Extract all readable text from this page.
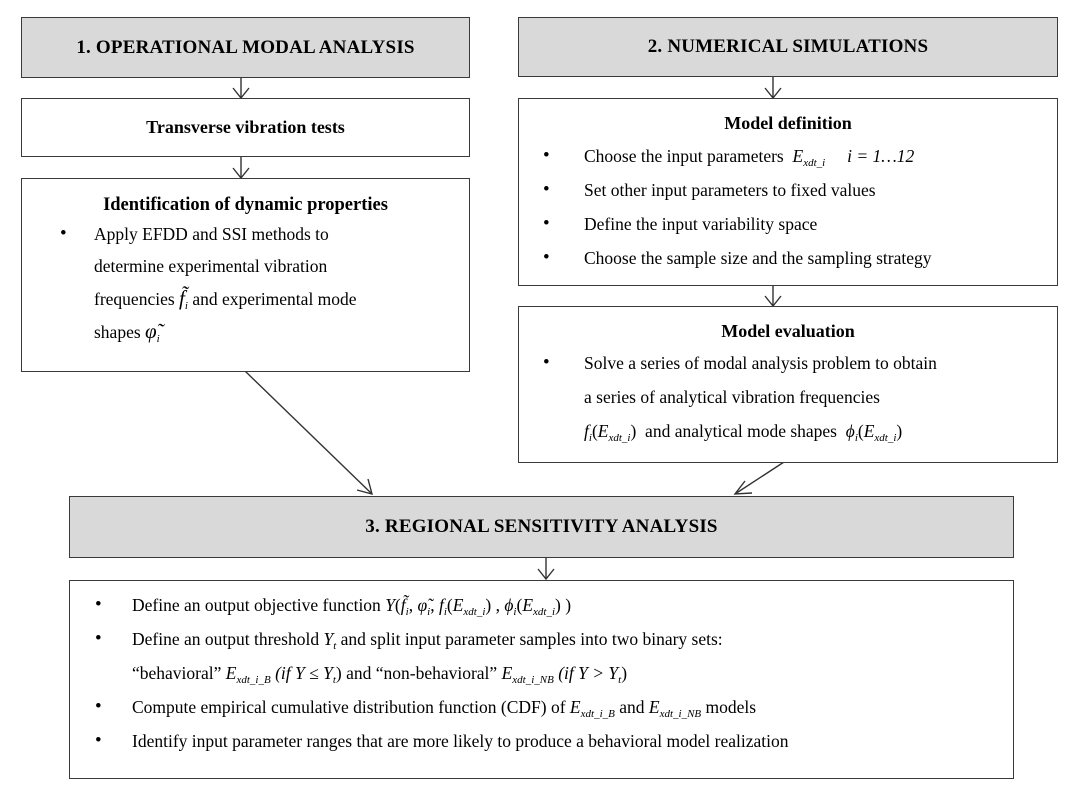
1. OPERATIONAL MODAL ANALYSIS	2. NUMERICAL SIMULATIONS
Transverse vibration tests
Identification of dynamic properties
• Apply EFDD and SSI methods to
determine experimental vibration
frequencies $f̃_i$ and experimental mode
shapes $\varphĩ_i$
Model definition
• Choose the input parameters $E_{xdt\_i}$ i = 1…12
• Set other input parameters to fixed values
• Define the input variability space
• Choose the sample size and the sampling strategy
Model evaluation
• Solve a series of modal analysis problem to obtain
a series of analytical vibration frequencies
$f_i(E_{xdt\_i})$  and analytical mode shapes $\phi_i(E_{xdt\_i})$
3. REGIONAL SENSITIVITY ANALYSIS
• Define an output objective function $Y(f̃_i$, $\varphĩ_i$, $f_i(E_{xdt\_i})$ , $\phi_i(E_{xdt\_i})$ )
• Define an output threshold $Y_t$ and split input parameter samples into two binary sets:
“behavioral” $E_{xdt\_i\_B}$ (if $Y \le Y_t$) and “non-behavioral” $E_{xdt\_i\_NB}$ (if $Y > Y_t$)
• Compute empirical cumulative distribution function (CDF) of $E_{xdt\_i\_B}$ and $E_{xdt\_i\_NB}$ models
• Identify input parameter ranges that are more likely to produce a behavioral model realization
